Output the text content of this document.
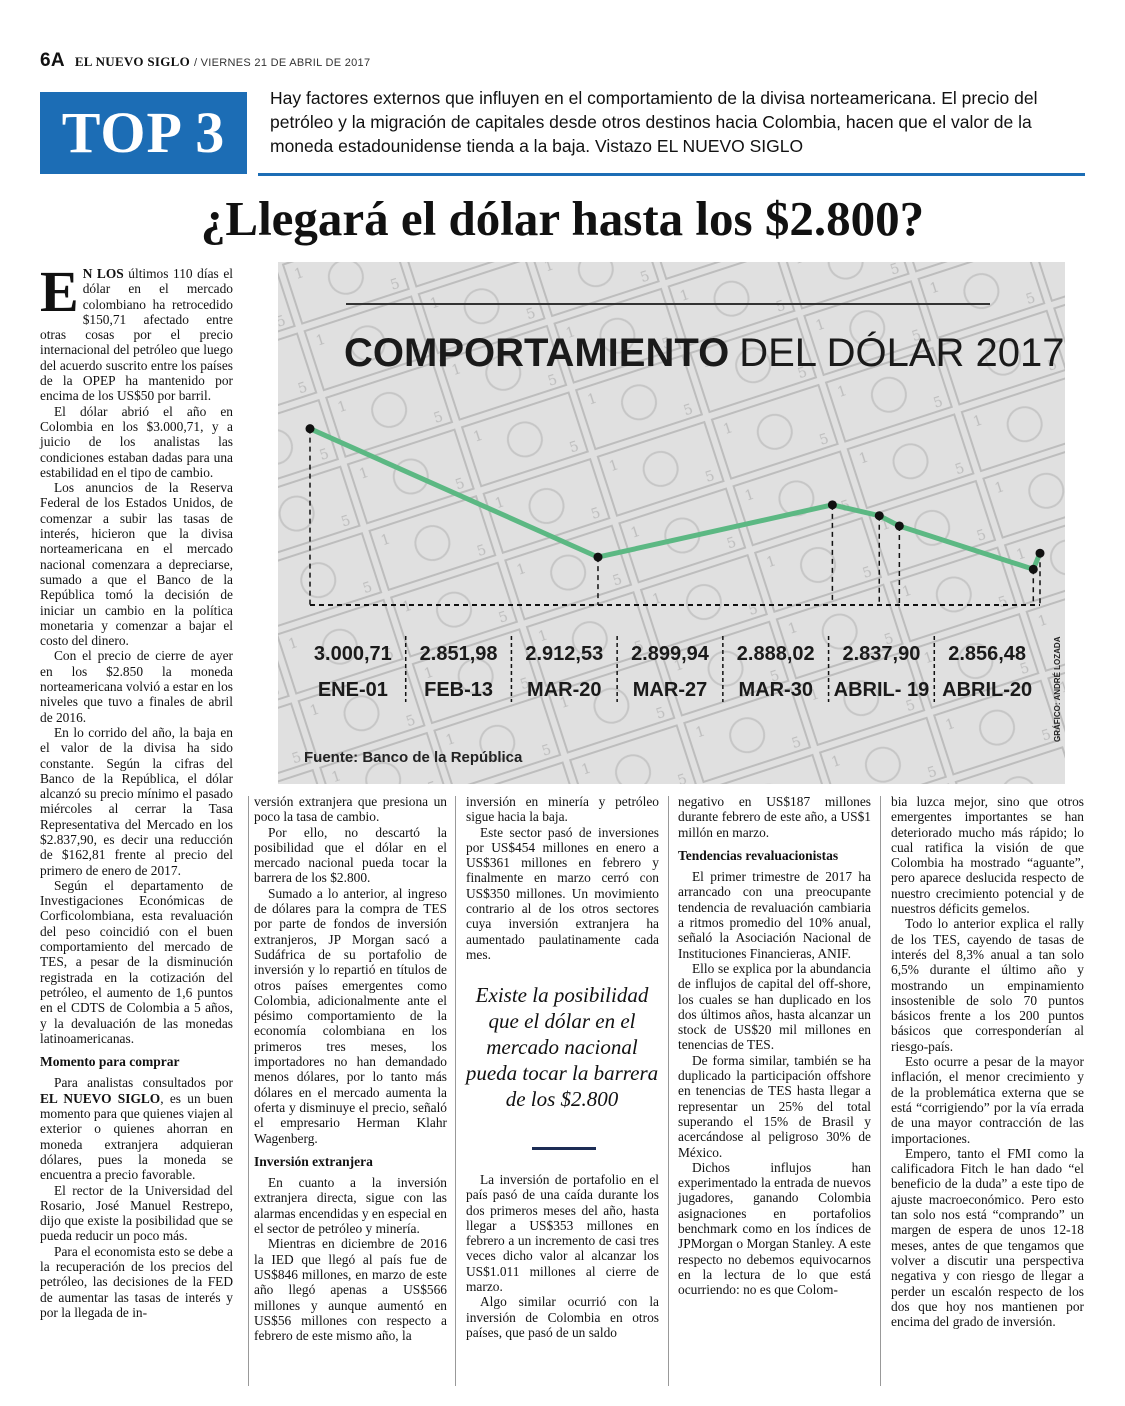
6A EL NUEVO SIGLO / VIERNES 21 DE ABRIL DE 2017
TOP 3
Hay factores externos que influyen en el comportamiento de la divisa norteamericana. El precio del petróleo y la migración de capitales desde otros destinos hacia Colombia, hacen que el valor de la moneda estadounidense tienda a la baja. Vistazo EL NUEVO SIGLO
¿Llegará el dólar hasta los $2.800?

E N LOS últimos 110 días el dólar en el mercado colombiano ha retrocedido $150,71 afectado entre otras cosas por el precio internacional del petróleo que luego del acuerdo suscrito entre los países de la OPEP ha mantenido por encima de los US$50 por barril.

El dólar abrió el año en Colombia en los $3.000,71, y a juicio de los analistas las condiciones estaban dadas para una estabilidad en el tipo de cambio.

Los anuncios de la Reserva Federal de los Estados Unidos, de comenzar a subir las tasas de interés, hicieron que la divisa norteamericana en el mercado nacional comenzara a depreciarse, sumado a que el Banco de la República tomó la decisión de iniciar un cambio en la política monetaria y comenzar a bajar el costo del dinero.

Con el precio de cierre de ayer en los $2.850 la moneda norteamericana volvió a estar en los niveles que tuvo a finales de abril de 2016.

En lo corrido del año, la baja en el valor de la divisa ha sido constante. Según la cifras del Banco de la República, el dólar alcanzó su precio mínimo el pasado miércoles al cerrar la Tasa Representativa del Mercado en los $2.837,90, es decir una reducción de $162,81 frente al precio del primero de enero de 2017.

Según el departamento de Investigaciones Económicas de Corficolombiana, esta revaluación del peso coincidió con el buen comportamiento del mercado de TES, a pesar de la disminución registrada en la cotización del petróleo, el aumento de 1,6 puntos en el CDTS de Colombia a 5 años, y la devaluación de las monedas latinoamericanas.

Momento para comprar

Para analistas consultados por EL NUEVO SIGLO, es un buen momento para que quienes viajen al exterior o quienes ahorran en moneda extranjera adquieran dólares, pues la moneda se encuentra a precio favorable.

El rector de la Universidad del Rosario, José Manuel Restrepo, dijo que existe la posibilidad que se pueda reducir un poco más.

Para el economista esto se debe a la recuperación de los precios del petróleo, las decisiones de la FED de aumentar las tasas de interés y por la llegada de in-

COMPORTAMIENTO DEL DÓLAR 2017
3.000,71
ENE-01
2.851,98
FEB-13
2.912,53
MAR-20
2.899,94
MAR-27
2.888,02
MAR-30
2.837,90
ABRIL- 19
2.856,48
ABRIL-20
Fuente: Banco de la República
GRÁFICO: ANDRÉ LOZADA

versión extranjera que presiona un poco la tasa de cambio.

Por ello, no descartó la posibilidad que el dólar en el mercado nacional pueda tocar la barrera de los $2.800.

Sumado a lo anterior, al ingreso de dólares para la compra de TES por parte de fondos de inversión extranjeros, JP Morgan sacó a Sudáfrica de su portafolio de inversión y lo repartió en títulos de otros países emergentes como Colombia, adicionalmente ante el pésimo comportamiento de la economía colombiana en los primeros tres meses, los importadores no han demandado menos dólares, por lo tanto más dólares en el mercado aumenta la oferta y disminuye el precio, señaló el empresario Herman Klahr Wagenberg.

Inversión extranjera

En cuanto a la inversión extranjera directa, sigue con las alarmas encendidas y en especial en el sector de petróleo y minería.

Mientras en diciembre de 2016 la IED que llegó al país fue de US$846 millones, en marzo de este año llegó apenas a US$566 millones y aunque aumentó en US$56 millones con respecto a febrero de este mismo año, la

inversión en minería y petróleo sigue hacia la baja.

Este sector pasó de inversiones por US$454 millones en enero a US$361 millones en febrero y finalmente en marzo cerró con US$350 millones. Un movimiento contrario al de los otros sectores cuya inversión extranjera ha aumentado paulatinamente cada mes.

Existe la posibilidad que el dólar en el mercado nacional pueda tocar la barrera de los $2.800

La inversión de portafolio en el país pasó de una caída durante los dos primeros meses del año, hasta llegar a US$353 millones en febrero a un incremento de casi tres veces dicho valor al alcanzar los US$1.011 millones al cierre de marzo.

Algo similar ocurrió con la inversión de Colombia en otros países, que pasó de un saldo

negativo en US$187 millones durante febrero de este año, a US$1 millón en marzo.

Tendencias revaluacionistas

El primer trimestre de 2017 ha arrancado con una preocupante tendencia de revaluación cambiaria a ritmos promedio del 10% anual, señaló la Asociación Nacional de Instituciones Financieras, ANIF.

Ello se explica por la abundancia de influjos de capital del off-shore, los cuales se han duplicado en los dos últimos años, hasta alcanzar un stock de US$20 mil millones en tenencias de TES.

De forma similar, también se ha duplicado la participación offshore en tenencias de TES hasta llegar a representar un 25% del total superando el 15% de Brasil y acercándose al peligroso 30% de México.

Dichos influjos han experimentado la entrada de nuevos jugadores, ganando Colombia asignaciones en portafolios benchmark como en los índices de JPMorgan o Morgan Stanley. A este respecto no debemos equivocarnos en la lectura de lo que está ocurriendo: no es que Colom-

bia luzca mejor, sino que otros emergentes importantes se han deteriorado mucho más rápido; lo cual ratifica la visión de que Colombia ha mostrado “aguante”, pero aparece deslucida respecto de nuestro crecimiento potencial y de nuestros déficits gemelos.

Todo lo anterior explica el rally de los TES, cayendo de tasas de interés del 8,3% anual a tan solo 6,5% durante el último año y mostrando un empinamiento insostenible de solo 70 puntos básicos frente a los 200 puntos básicos que corresponderían al riesgo-país.

Esto ocurre a pesar de la mayor inflación, el menor crecimiento y de la problemática externa que se está “corrigiendo” por la vía errada de una mayor contracción de las importaciones.

Empero, tanto el FMI como la calificadora Fitch le han dado “el beneficio de la duda” a este tipo de ajuste macroeconómico. Pero esto tan solo nos está “comprando” un margen de espera de unos 12-18 meses, antes de que tengamos que volver a discutir una perspectiva negativa y con riesgo de llegar a perder un escalón respecto de los dos que hoy nos mantienen por encima del grado de inversión.
